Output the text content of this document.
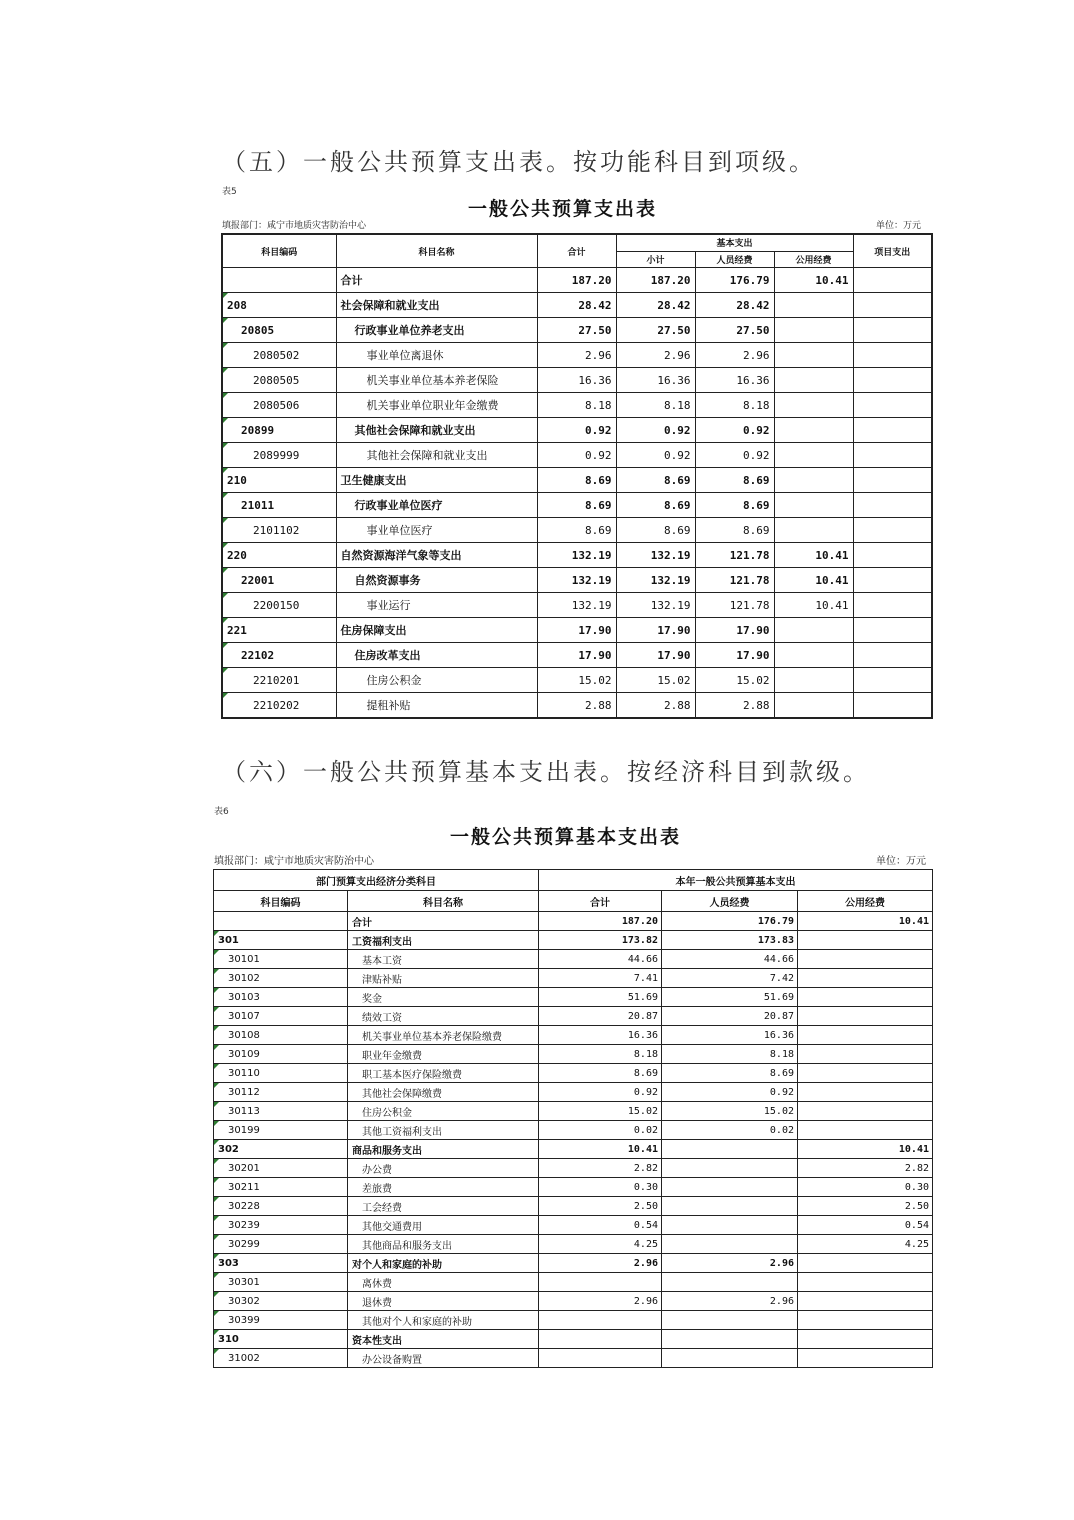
（五）一般公共预算支出表。按功能科目到项级。
表5
一般公共预算支出表
填报部门：咸宁市地质灾害防治中心	单位：万元
科目编码	科目名称	合计	基本支出			项目支出
			小计	人员经费	公用经费	
	合计	187.20	187.20	176.79	10.41	
208	社会保障和就业支出	28.42	28.42	28.42		
20805	行政事业单位养老支出	27.50	27.50	27.50		
2080502	事业单位离退休	2.96	2.96	2.96		
2080505	机关事业单位基本养老保险	16.36	16.36	16.36		
2080506	机关事业单位职业年金缴费	8.18	8.18	8.18		
20899	其他社会保障和就业支出	0.92	0.92	0.92		
2089999	其他社会保障和就业支出	0.92	0.92	0.92		
210	卫生健康支出	8.69	8.69	8.69		
21011	行政事业单位医疗	8.69	8.69	8.69		
2101102	事业单位医疗	8.69	8.69	8.69		
220	自然资源海洋气象等支出	132.19	132.19	121.78	10.41	
22001	自然资源事务	132.19	132.19	121.78	10.41	
2200150	事业运行	132.19	132.19	121.78	10.41	
221	住房保障支出	17.90	17.90	17.90		
22102	住房改革支出	17.90	17.90	17.90		
2210201	住房公积金	15.02	15.02	15.02		
2210202	提租补贴	2.88	2.88	2.88		
（六）一般公共预算基本支出表。按经济科目到款级。
表6
一般公共预算基本支出表
填报部门：咸宁市地质灾害防治中心	单位：万元
部门预算支出经济分类科目		本年一般公共预算基本支出		
科目编码	科目名称	合计	人员经费	公用经费
	合计	187.20	176.79	10.41
301	工资福利支出	173.82	173.83	
30101	基本工资	44.66	44.66	
30102	津贴补贴	7.41	7.42	
30103	奖金	51.69	51.69	
30107	绩效工资	20.87	20.87	
30108	机关事业单位基本养老保险缴费	16.36	16.36	
30109	职业年金缴费	8.18	8.18	
30110	职工基本医疗保险缴费	8.69	8.69	
30112	其他社会保障缴费	0.92	0.92	
30113	住房公积金	15.02	15.02	
30199	其他工资福利支出	0.02	0.02	
302	商品和服务支出	10.41		10.41
30201	办公费	2.82		2.82
30211	差旅费	0.30		0.30
30228	工会经费	2.50		2.50
30239	其他交通费用	0.54		0.54
30299	其他商品和服务支出	4.25		4.25
303	对个人和家庭的补助	2.96	2.96	
30301	离休费			
30302	退休费	2.96	2.96	
30399	其他对个人和家庭的补助			
310	资本性支出			
31002	办公设备购置			
